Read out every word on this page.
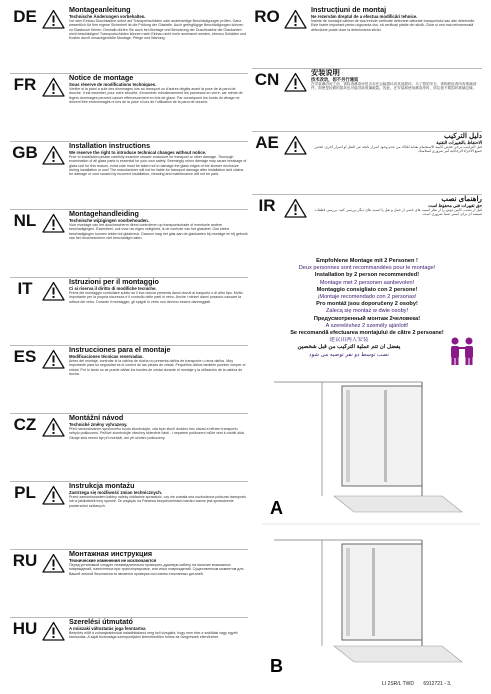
DE	Montageanleitung
Technische Änderungen vorbehalten.
Vor dem Einbau Duschkabine sofort auf Transportschäden oder anderweitige Beschädigungen prüfen. Ganz wesentlich für Ihre eigene Sicherheit ist die Prüfung der Glasteile. Auch geringfügige Beschädigungen können zu Glasbruch führen. Deshalb dürfen Sie auch bei Montage und Benutzung der Duschkabine die Glaskanten nicht beschädigen! Transportschäden können nach Einbau nicht mehr anerkannt werden, ebenso Schäden und Kosten durch unsachgemäße Montage, Pflege und Wartung.
FR	Notice de montage
Sous réserve de modifications techniques.
Vérifier si la paroi a subi des dommages lors au transport ou d'autres dégâts avant la pose de la paroi de douche. Il est essentiel, pour votre sécurité, d'examiner minutieusement les panneaux en verre, car même de légers dommages peuvent causer effervescement en bris de glace. Par conséquent les bords du vitrage ne doivent être endommagés ni lors de la pose ni lors de l'utilisation de la paroi de douche.
GB	Installation instructions
We reserve the right to introduce technical changes without notice.
Prior to installation please carefully examine shower enclosure for transport or other damage. Thorough examination of all glass parts is essential for your own safety. Seemingly minor damage may cause breakage of glass unit for this reason, extra care must be taken not to damage the glass edges of the shower enclosure during installation or use! The manufacturer will not be liable for transport damage after installation and claims for damage or cost caused by incorrect installation, cleaning and maintenance will not be paid.
NL	Montagehandleiding
Technische wijzigingen voorbehouden.
Voor montage van het douchescherm direct controleren op transportschade of eventuele andere beschadigingen. Essentieel, ook voor uw eigen veiligheid, is de controle van het glasdeel. Ook kleine beschadigingen kunnen leiden tot glasbreuk. Daarom mag het glas aan de glaskanten bij montage en bij gebruik van het douchescherm niet beschadigd raken.
IT	Istruzioni per il montaggio
Ci si riserva il diritto di modifiche tecniche.
Prima del montaggio controllare subito se il box doccia presenta danni dovuti al trasporto o di altro tipo. Molto importante per la propria sicurezza è il controllo delle parti in vetro. Anche i minimi danni possono causare la rottura del vetro. Durante il montaggio, gli spigoli in vetro non devono essere danneggiati.
ES	Instrucciones para el montaje
Modificaciones técnicas reservadas.
Antes del montaje, controlar si la cabina de ducha no presenta daños de transporte u otros daños. Muy importante para su seguridad es el control de las piezas de cristal. Pequeños daños también pueden romper el cristal. Por lo tanto no se puede dañar los bordes de cristal durante el montaje y la utilización de la cabina de ducha.
CZ	Montážní návod
Technické změny vyhrazeny.
Před namontováním sprchového koutu zkontrolujte, zda bylo zboží dodáno bez závad a během transportu nebylo poškozeno. Pečlivě zkontrolujte všechny skleněné části - i nepatrné poškození může vést k rozbití skla. Okraje skla nesmí být při montáži, ani při užívání poškozeny.
PL	Instrukcja montażu
Zastrzega się możliwość zmian technicznych.
Przed zamontowaniem kabiny należy dokładnie sprawdzić, czy nie została ona uszkodzona podczas transportu lub w jakikolwiek inny sposób. Ze względu na Państwa bezpieczeństwo bardzo ważne jest sprawdzenie powierzchni szklanych.
RU	Монтажная инструкция
Технические изменения не исключаются
Перед установкой следует незамедлительно проверить душевую кабину на наличие возможных повреждений, нанесенных при транспортировке, или иных повреждений. Существенным моментом для Вашей личной безопасности является проверка состояния стеклянных деталей.
HU	Szerelési útmutató
A műszaki változtatás joga fenntartva
Beépítés előtt a zuhanykabinokat haladéktalanul meg kell vizsgálni, hogy nem érte-e szállítási vagy egyéb károsodás. A saját biztonsága szempontjából kiemelkedően fontos az üvegrészek ellenőrzése.
RO	Instrucțiuni de montaj
Ne rezervăm dreptul de a efectua modificări tehnice.
Înainte de montajul cabinei de duș trebuie verificate defectele datorate transportului sau alte deteriorări. Este foarte important pentru siguranța dvs. să verificați părțile din sticlă. Chiar și cea mai neînsemnată defecțiune poate duce la deteriorarea sticlei.
CN	安装说明
技术改动，恕不另行通知
在安装淋浴房之前，请检查淋浴房是否存在运输损坏或其他损坏。为了您的安全，请彻底检查所有玻璃部件。即使是轻微的损坏也可能导致玻璃破裂。因此，在安装和使用淋浴房时，请注意不要损坏玻璃边缘。
AE	دليل التركيب
الاحتفاظ بالتغييرات التقنية
قبل التركيب، يرجى فحص كابينة الاستحمام بعناية للتأكد من عدم وجود أضرار ناتجة عن النقل أو أضرار أخرى. فحص جميع الأجزاء الزجاجية أمر ضروري لسلامتك.
IR	راهنمای نصب
حق تغییرات فنی محفوظ است
قبل از نصب، کابین دوش را از نظر آسیب های ناشی از حمل و نقل یا آسیب های دیگر بررسی کنید. بررسی قطعات شیشه ای برای ایمنی شما ضروری است.
Empfohlene Montage mit 2 Personen !
Deux personnes sont recommandées pour le montage!
Installation by 2 person recommended!
Montage met 2 personen aanbevolen!
Montaggio consigliato con 2 persone!
¡Montaje recomendado con 2 personas!
Pro montáž jsou doporučeny 2 osoby!
Zalecą się montaż w dwie osoby!
Предусмотренный монтаж 2человека!
A szereléshez 2 személy ajánlott!
Se recomandă efectuarea montajului de către 2 persoane!
建议由两人安装
يفضل أن تتم عملية التركيب من قبل شخصين
نصب توسط دو نفر توصیه می شود
A
B
LI 2SR/L TWD 6912721 - 3.
